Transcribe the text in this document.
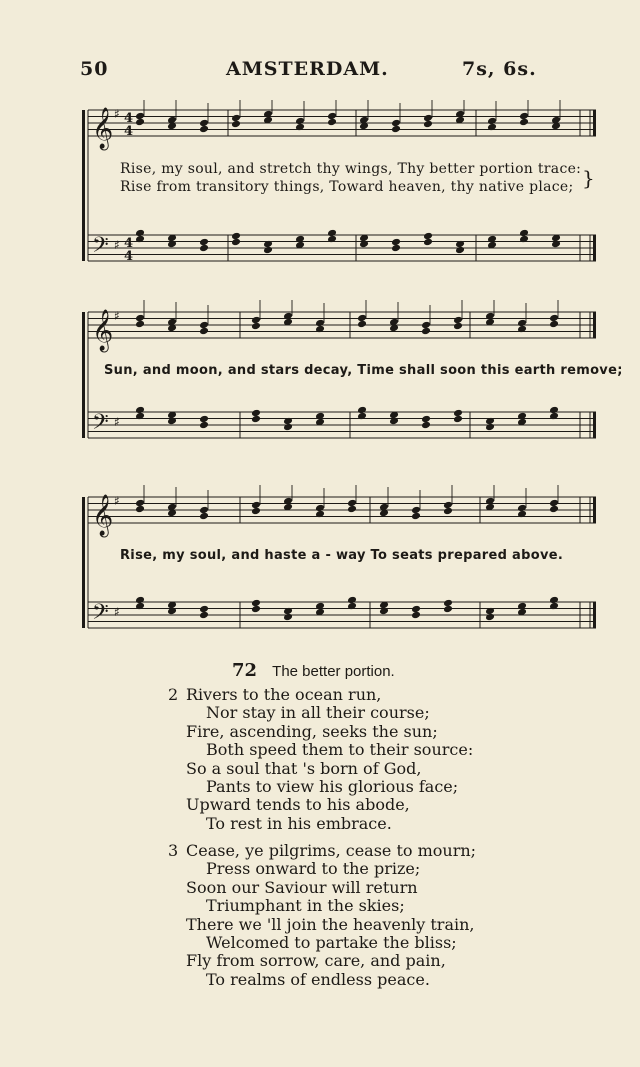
50	AMSTERDAM.	7s, 6s.
𝄞
𝄢
♯
♯
4
4
4
4
Rise, my soul, and stretch thy wings, Thy better portion trace:
Rise from transitory things, Toward heaven, thy native place; }
𝄞
𝄢
♯
♯
Sun, and moon, and stars decay, Time shall soon this earth remove;
𝄞
𝄢
♯
♯
Rise, my soul, and haste a - way To seats prepared above.
72 The better portion.
2 Rivers to the ocean run,
Nor stay in all their course;
Fire, ascending, seeks the sun;
Both speed them to their source:
So a soul that 's born of God,
Pants to view his glorious face;
Upward tends to his abode,
To rest in his embrace.
3 Cease, ye pilgrims, cease to mourn;
Press onward to the prize;
Soon our Saviour will return
Triumphant in the skies;
There we 'll join the heavenly train,
Welcomed to partake the bliss;
Fly from sorrow, care, and pain,
To realms of endless peace.
